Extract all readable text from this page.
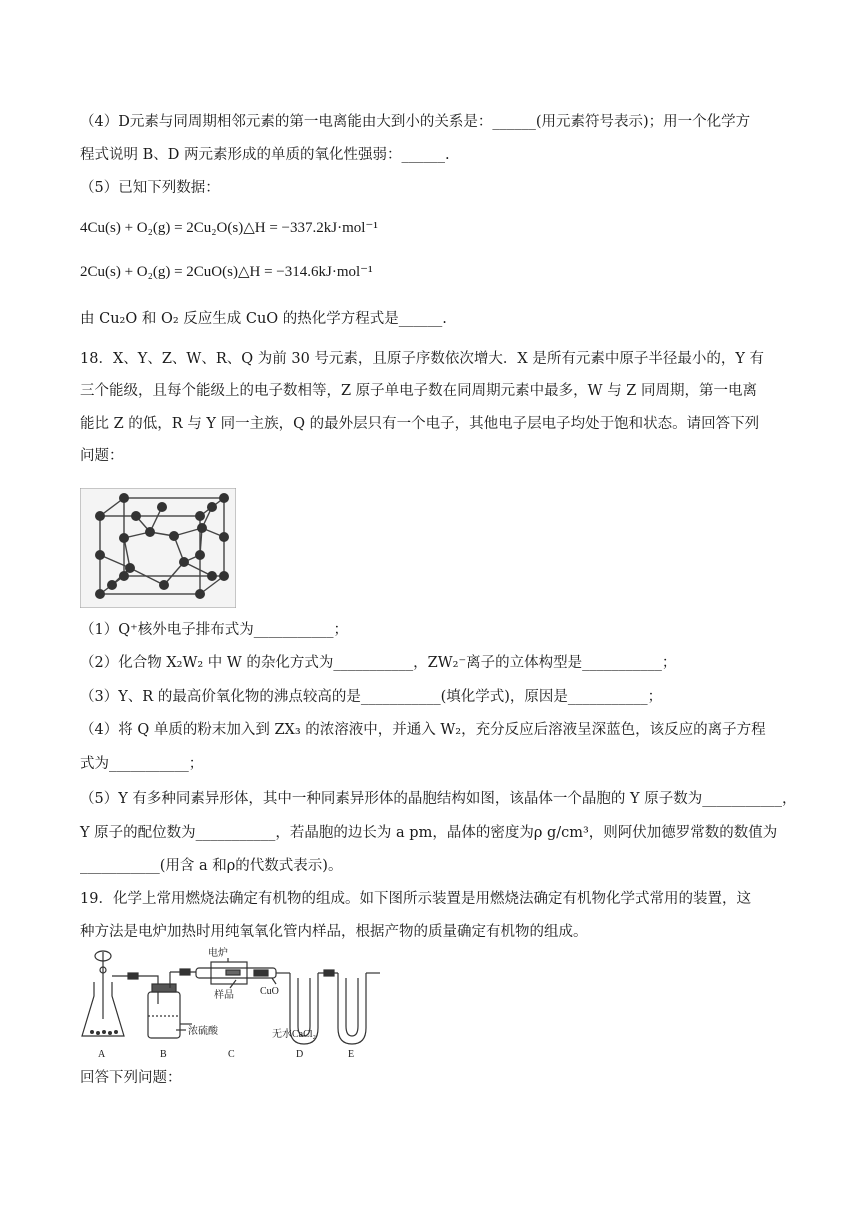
（4）D元素与同周期相邻元素的第一电离能由大到小的关系是：______(用元素符号表示)；用一个化学方
程式说明 B、D 两元素形成的单质的氧化性强弱：______.
（5）已知下列数据：
4Cu(s) + O₂(g) = 2Cu₂O(s)△H = −337.2kJ·mol⁻¹
2Cu(s) + O₂(g) = 2CuO(s)△H = −314.6kJ·mol⁻¹
由 Cu₂O 和 O₂ 反应生成 CuO 的热化学方程式是______.
18．X、Y、Z、W、R、Q 为前 30 号元素，且原子序数依次增大．X 是所有元素中原子半径最小的，Y 有
三个能级，且每个能级上的电子数相等，Z 原子单电子数在同周期元素中最多，W 与 Z 同周期，第一电离
能比 Z 的低，R 与 Y 同一主族，Q 的最外层只有一个电子，其他电子层电子均处于饱和状态。请回答下列
问题：
（1）Q⁺核外电子排布式为___________；
（2）化合物 X₂W₂ 中 W 的杂化方式为___________，ZW₂⁻离子的立体构型是___________；
（3）Y、R 的最高价氧化物的沸点较高的是___________(填化学式)，原因是___________；
（4）将 Q 单质的粉末加入到 ZX₃ 的浓溶液中，并通入 W₂，充分反应后溶液呈深蓝色，该反应的离子方程
式为___________；
（5）Y 有多种同素异形体，其中一种同素异形体的晶胞结构如图，该晶体一个晶胞的 Y 原子数为___________，
Y 原子的配位数为___________，若晶胞的边长为 a pm，晶体的密度为ρ g/cm³，则阿伏加德罗常数的数值为
___________(用含 a 和ρ的代数式表示)。
19．化学上常用燃烧法确定有机物的组成。如下图所示装置是用燃烧法确定有机物化学式常用的装置，这
种方法是电炉加热时用纯氧氧化管内样品，根据产物的质量确定有机物的组成。
电炉
样品	CuO
浓硫酸	无水CaCl₂
A	B	C	D	E
回答下列问题：
